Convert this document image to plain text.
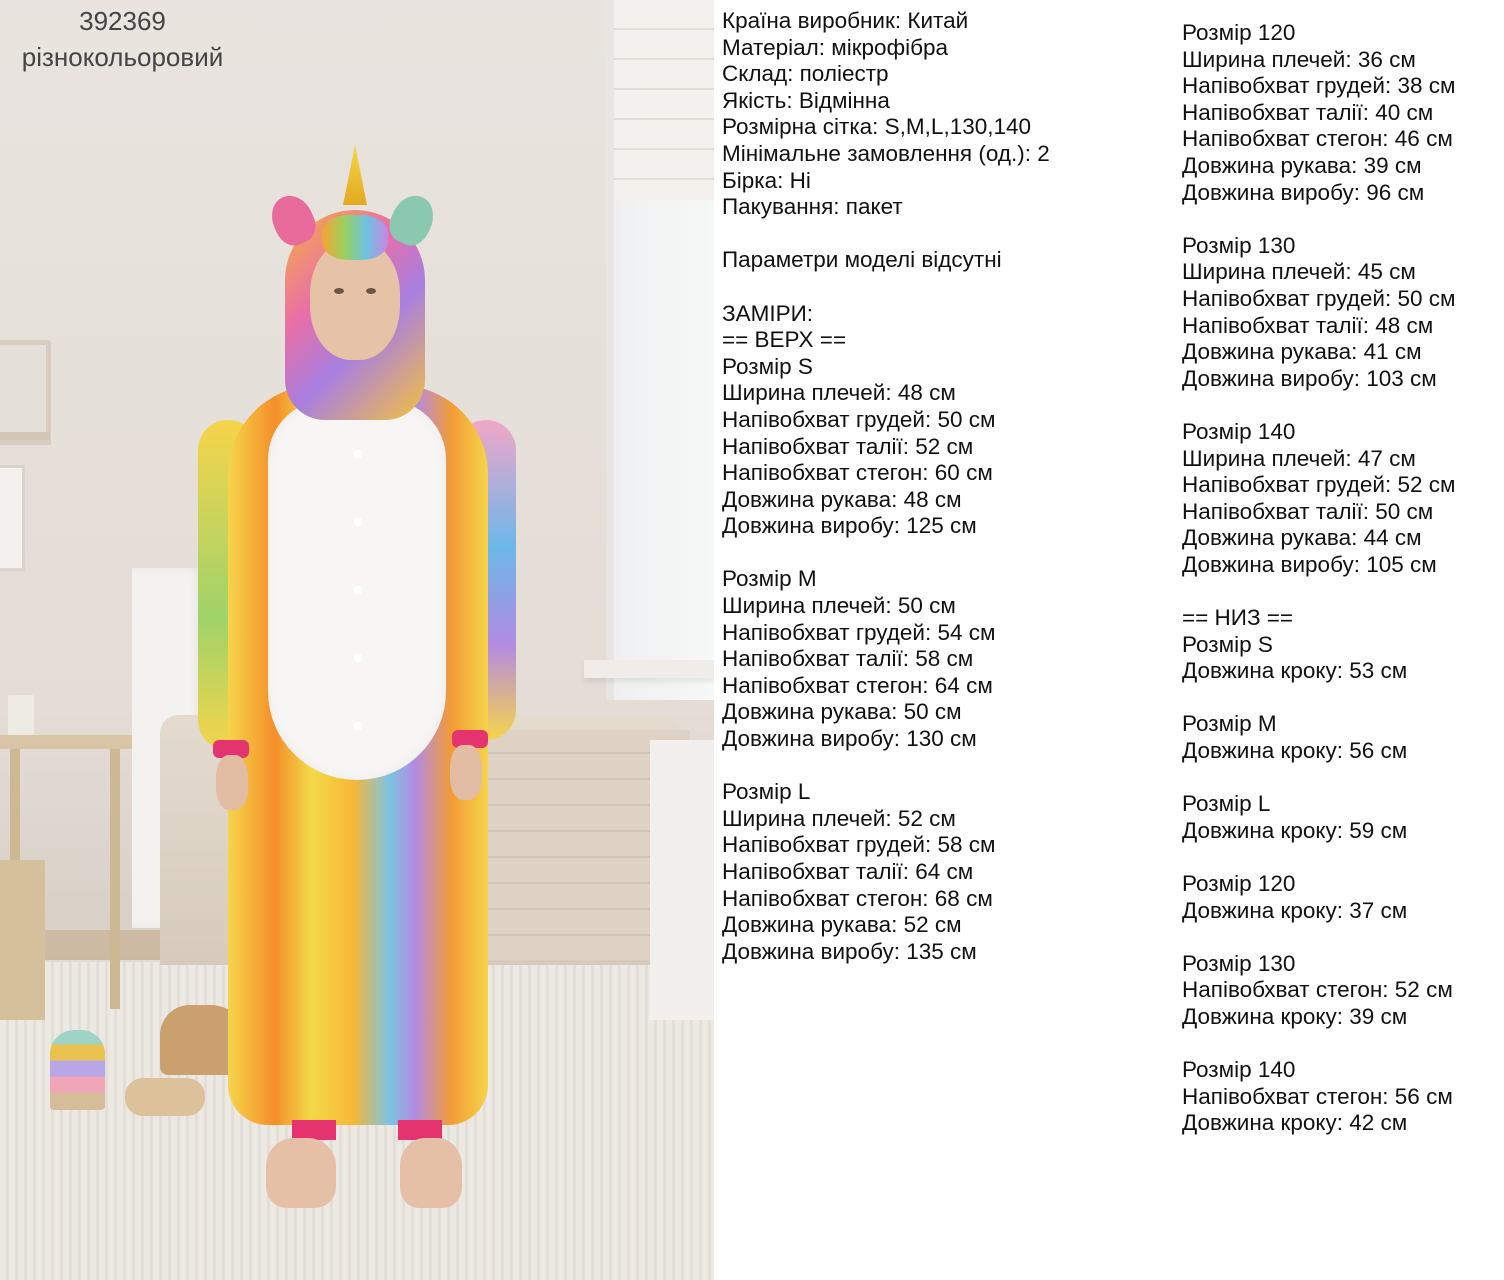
392369
різнокольоровий

Країна виробник: Китай

Матеріал: мікрофібра

Склад: поліестр

Якість: Відмінна

Розмірна сітка: S,M,L,130,140

Мінімальне замовлення (од.): 2

Бірка: Ні

Пакування: пакет

Параметри моделі відсутні

ЗАМІРИ:

== ВЕРХ ==

Розмір S

Ширина плечей: 48 см

Напівобхват грудей: 50 см

Напівобхват талії: 52 см

Напівобхват стегон: 60 см

Довжина рукава: 48 см

Довжина виробу: 125 см

Розмір M

Ширина плечей: 50 см

Напівобхват грудей: 54 см

Напівобхват талії: 58 см

Напівобхват стегон: 64 см

Довжина рукава: 50 см

Довжина виробу: 130 см

Розмір L

Ширина плечей: 52 см

Напівобхват грудей: 58 см

Напівобхват талії: 64 см

Напівобхват стегон: 68 см

Довжина рукава: 52 см

Довжина виробу: 135 см

Розмір 120

Ширина плечей: 36 см

Напівобхват грудей: 38 см

Напівобхват талії: 40 см

Напівобхват стегон: 46 см

Довжина рукава: 39 см

Довжина виробу: 96 см

Розмір 130

Ширина плечей: 45 см

Напівобхват грудей: 50 см

Напівобхват талії: 48 см

Довжина рукава: 41 см

Довжина виробу: 103 см

Розмір 140

Ширина плечей: 47 см

Напівобхват грудей: 52 см

Напівобхват талії: 50 см

Довжина рукава: 44 см

Довжина виробу: 105 см

== НИЗ ==

Розмір S

Довжина кроку: 53 см

Розмір M

Довжина кроку: 56 см

Розмір L

Довжина кроку: 59 см

Розмір 120

Довжина кроку: 37 см

Розмір 130

Напівобхват стегон: 52 см

Довжина кроку: 39 см

Розмір 140

Напівобхват стегон: 56 см

Довжина кроку: 42 см
